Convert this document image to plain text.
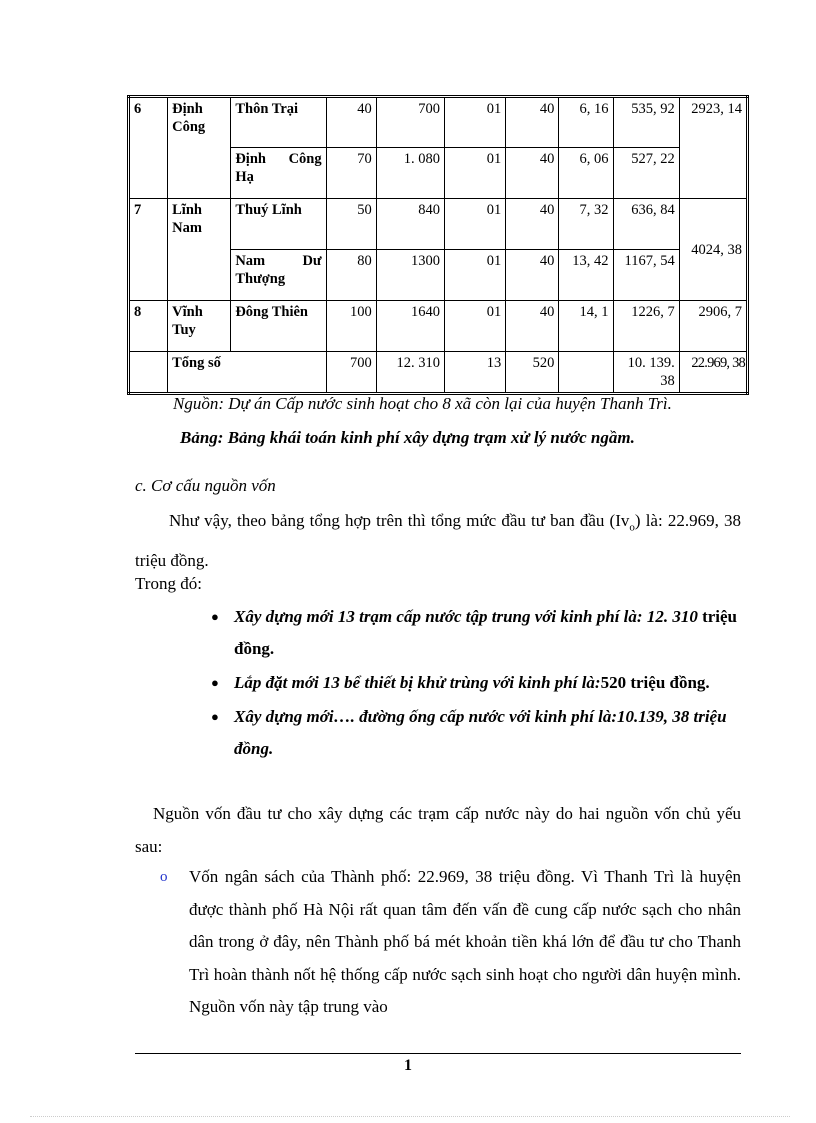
6	Định Công	Thôn Trại	40	700	01	40	6, 16	535, 92	2923, 14
		Định Công Hạ	70	1. 080	01	40	6, 06	527, 22	
7	Lĩnh Nam	Thuý Lĩnh	50	840	01	40	7, 32	636, 84	4024, 38
		Nam Dư Thượng	80	1300	01	40	13, 42	1167, 54	
8	Vĩnh Tuy	Đông Thiên	100	1640	01	40	14, 1	1226, 7	2906, 7
	Tổng số		700	12. 310	13	520		10. 139. 38	22.969, 38
Nguồn: Dự án Cấp nước sinh hoạt cho 8 xã còn lại của huyện Thanh Trì.
Bảng: Bảng khái toán kinh phí xây dựng trạm xử lý nước ngầm.
c. Cơ cấu nguồn vốn
Như vậy, theo bảng tổng hợp trên thì tổng mức đầu tư ban đầu $(Iv_o)$ là: 22.969, 38 triệu đồng.
Trong đó:
● Xây dựng mới 13 trạm cấp nước tập trung với kinh phí là: 12. 310 triệu đồng.
● Lắp đặt mới 13 bể thiết bị khử trùng với kinh phí là:520 triệu đồng.
● Xây dựng mới…. đường ống cấp nước với kinh phí là:10.139, 38 triệu đồng.
Nguồn vốn đầu tư cho xây dựng các trạm cấp nước này do hai nguồn vốn chủ yếu sau:
o Vốn ngân sách của Thành phố: 22.969, 38 triệu đồng. Vì Thanh Trì là huyện được thành phố Hà Nội rất quan tâm đến vấn đề cung cấp nước sạch cho nhân dân trong ở đây, nên Thành phố bá mét khoản tiền khá lớn để đầu tư cho Thanh Trì hoàn thành nốt hệ thống cấp nước sạch sinh hoạt cho người dân huyện mình. Nguồn vốn này tập trung vào
1
